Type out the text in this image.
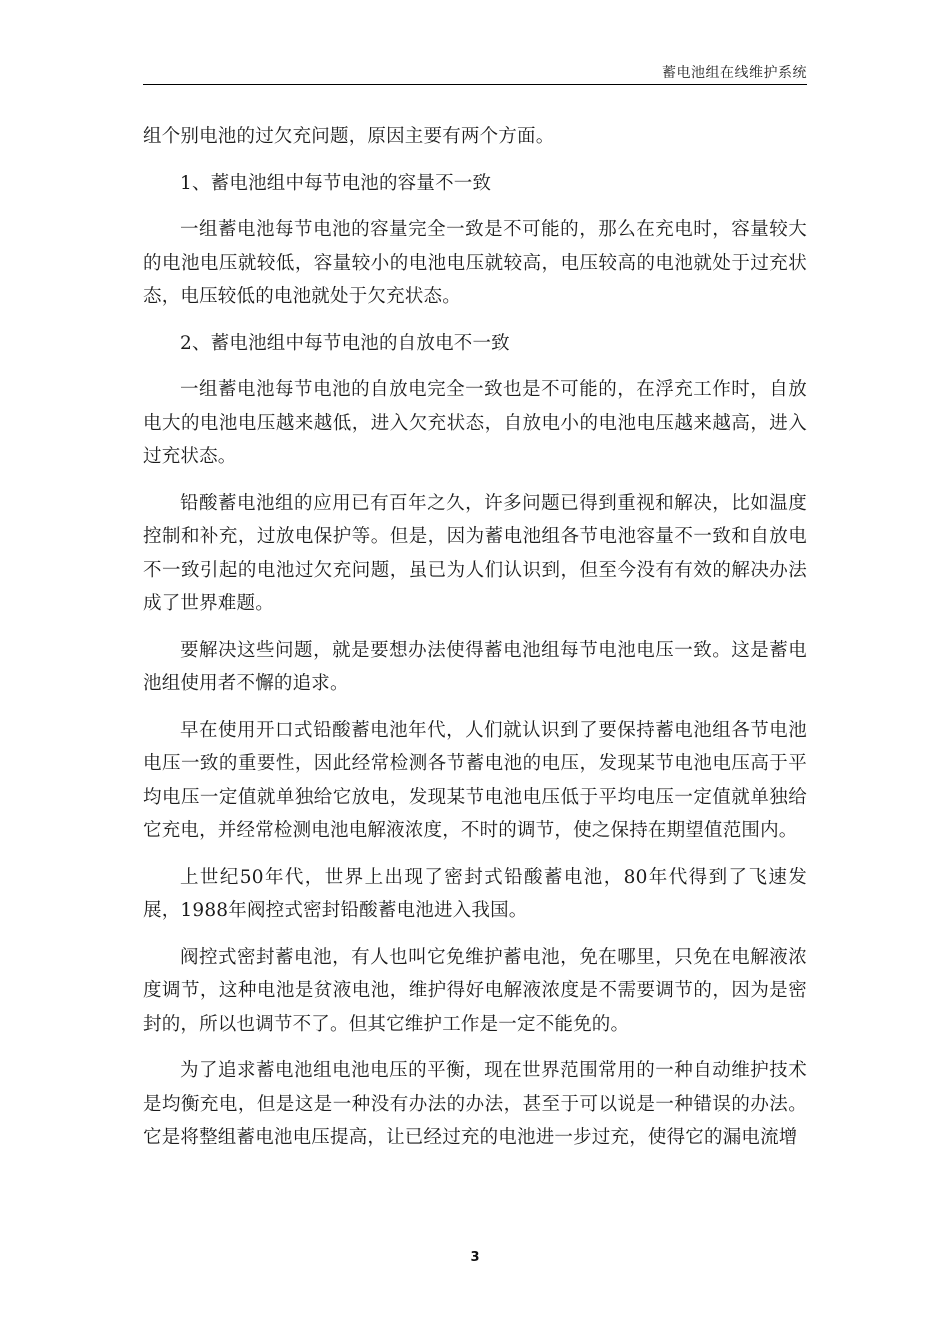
蓄电池组在线维护系统

组个别电池的过欠充问题，原因主要有两个方面。

1、蓄电池组中每节电池的容量不一致

一组蓄电池每节电池的容量完全一致是不可能的，那么在充电时，容量较大的电池电压就较低，容量较小的电池电压就较高，电压较高的电池就处于过充状态，电压较低的电池就处于欠充状态。

2、蓄电池组中每节电池的自放电不一致

一组蓄电池每节电池的自放电完全一致也是不可能的，在浮充工作时，自放电大的电池电压越来越低，进入欠充状态，自放电小的电池电压越来越高，进入过充状态。

铅酸蓄电池组的应用已有百年之久，许多问题已得到重视和解决，比如温度控制和补充，过放电保护等。但是，因为蓄电池组各节电池容量不一致和自放电不一致引起的电池过欠充问题，虽已为人们认识到，但至今没有有效的解决办法成了世界难题。

要解决这些问题，就是要想办法使得蓄电池组每节电池电压一致。这是蓄电池组使用者不懈的追求。

早在使用开口式铅酸蓄电池年代，人们就认识到了要保持蓄电池组各节电池电压一致的重要性，因此经常检测各节蓄电池的电压，发现某节电池电压高于平均电压一定值就单独给它放电，发现某节电池电压低于平均电压一定值就单独给它充电，并经常检测电池电解液浓度，不时的调节，使之保持在期望值范围内。

上世纪50年代，世界上出现了密封式铅酸蓄电池，80年代得到了飞速发展，1988年阀控式密封铅酸蓄电池进入我国。

阀控式密封蓄电池，有人也叫它免维护蓄电池，免在哪里，只免在电解液浓度调节，这种电池是贫液电池，维护得好电解液浓度是不需要调节的，因为是密封的，所以也调节不了。但其它维护工作是一定不能免的。

为了追求蓄电池组电池电压的平衡，现在世界范围常用的一种自动维护技术是均衡充电，但是这是一种没有办法的办法，甚至于可以说是一种错误的办法。它是将整组蓄电池电压提高，让已经过充的电池进一步过充，使得它的漏电流增

3
